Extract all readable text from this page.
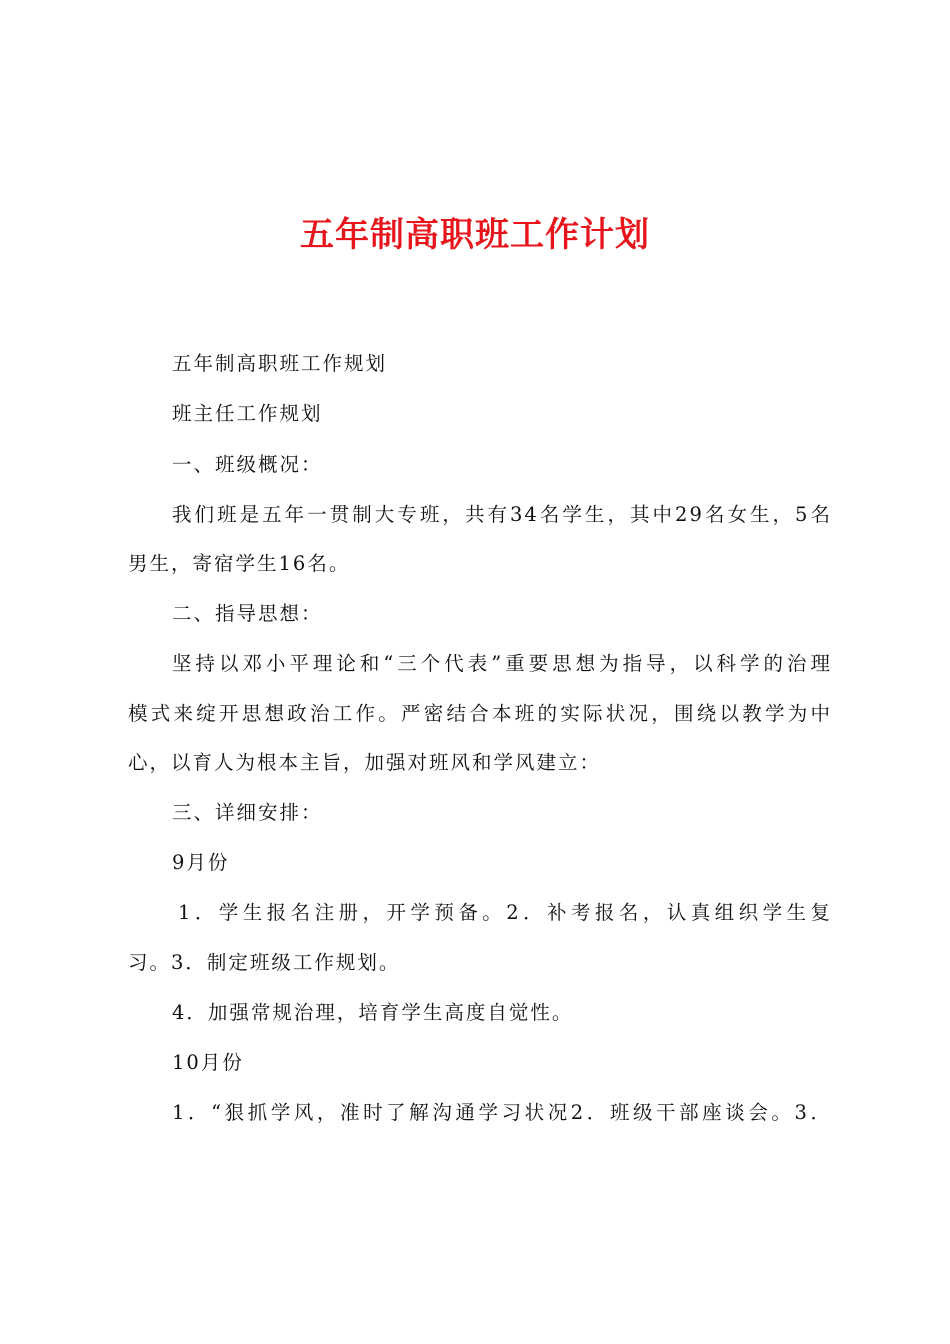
五年制高职班工作计划

五年制高职班工作规划

班主任工作规划

一、班级概况：

我们班是五年一贯制大专班，共有34名学生，其中29名女生，5名

男生，寄宿学生16名。

二、指导思想：

坚持以邓小平理论和“三个代表”重要思想为指导，以科学的治理

模式来绽开思想政治工作。严密结合本班的实际状况，围绕以教学为中

心，以育人为根本主旨，加强对班风和学风建立：

三、详细安排：

9月份

1．学生报名注册，开学预备。2．补考报名，认真组织学生复

习。3．制定班级工作规划。

4．加强常规治理，培育学生高度自觉性。

10月份

1．“狠抓学风，准时了解沟通学习状况2．班级干部座谈会。3．
